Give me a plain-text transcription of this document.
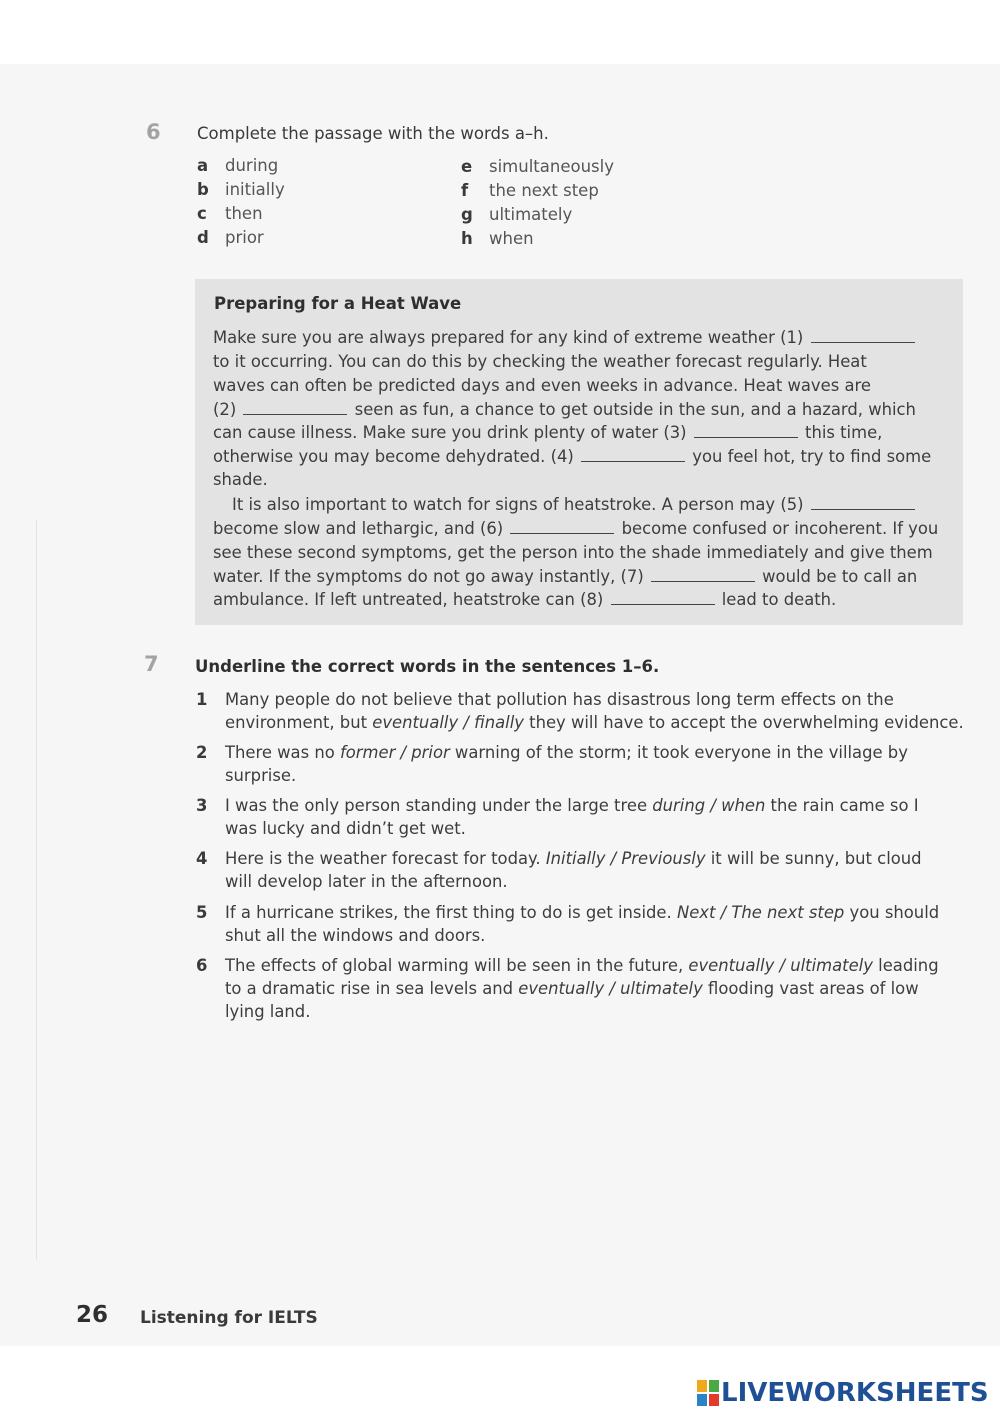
6 Complete the passage with the words a–h.
a	during
b initially
c	then
d prior
e	simultaneously
f	the next step
g ultimately
h when
Preparing for a Heat Wave
Make sure you are always prepared for any kind of extreme weather (1)
to it occurring. You can do this by checking the weather forecast regularly. Heat
waves can often be predicted days and even weeks in advance. Heat waves are
(2)	seen as fun, a chance to get outside in the sun, and a hazard, which
can cause illness. Make sure you drink plenty of water (3)	this time,
otherwise you may become dehydrated. (4)	you feel hot, try to find some
shade.
It is also important to watch for signs of heatstroke. A person may (5)
become slow and lethargic, and (6)	become confused or incoherent. If you
see these second symptoms, get the person into the shade immediately and give them
water. If the symptoms do not go away instantly, (7)	would be to call an
ambulance. If left untreated, heatstroke can (8)	lead to death.
7 Underline the correct words in the sentences 1–6.
1 Many people do not believe that pollution has disastrous long term effects on the
environment, but eventually / finally they will have to accept the overwhelming evidence.
2 There was no former / prior warning of the storm; it took everyone in the village by
surprise.
3 I was the only person standing under the large tree during / when the rain came so I
was lucky and didn’t get wet.
4 Here is the weather forecast for today. Initially / Previously it will be sunny, but cloud
will develop later in the afternoon.
5 If a hurricane strikes, the first thing to do is get inside. Next / The next step you should
shut all the windows and doors.
6 The effects of global warming will be seen in the future, eventually / ultimately leading
to a dramatic rise in sea levels and eventually / ultimately flooding vast areas of low
lying land.
26 Listening for IELTS
LIVEWORKSHEETS
